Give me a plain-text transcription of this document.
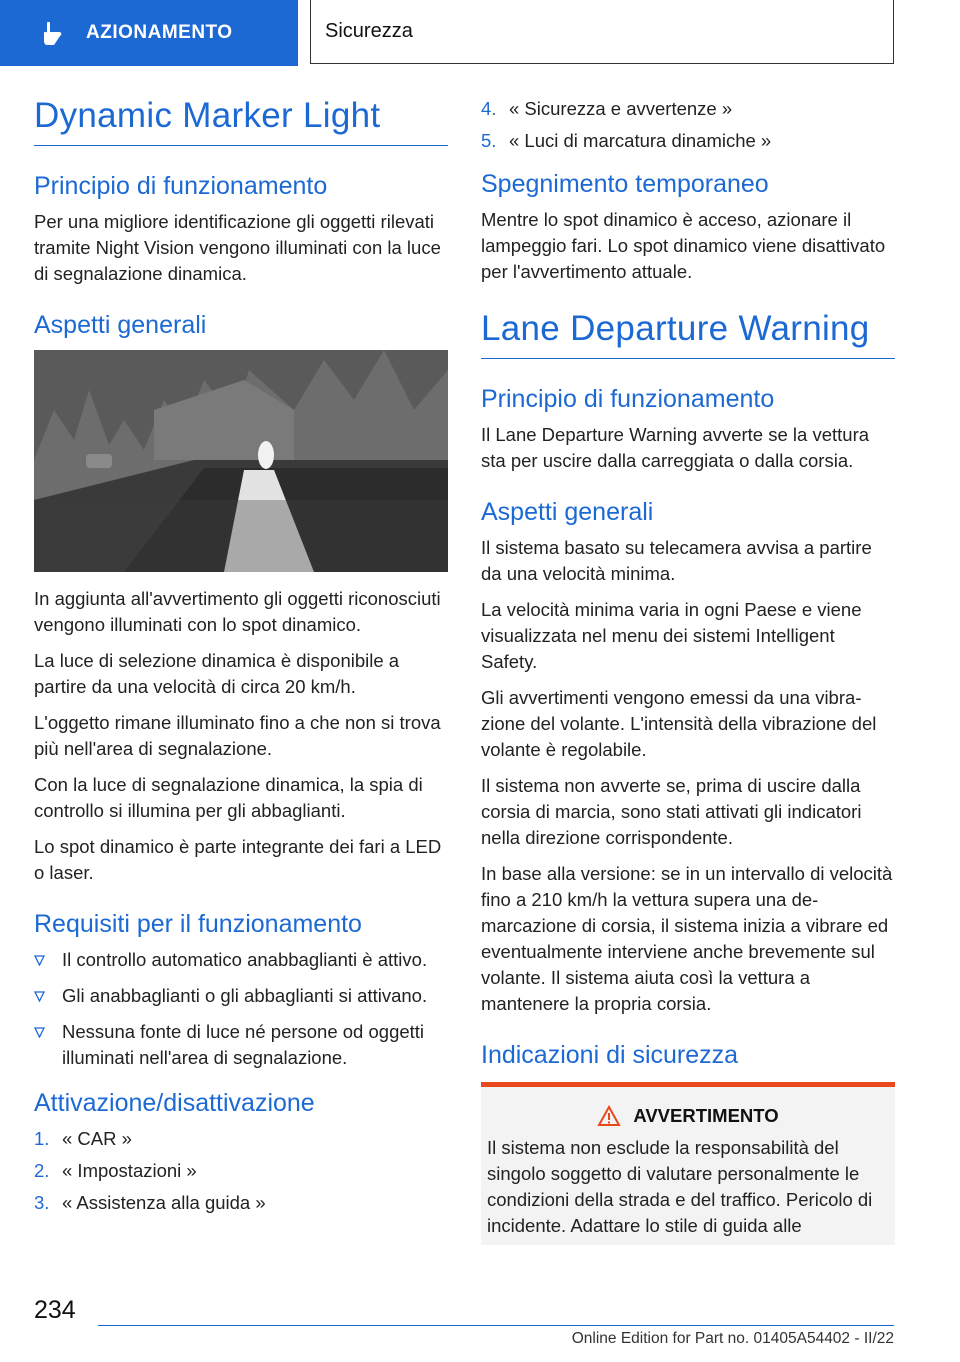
AZIONAMENTO	Sicurezza
Dynamic Marker Light
Principio di funzionamento

Per una migliore identificazione gli oggetti rilevati tramite Night Vision vengono illuminati con la luce di segnalazione dinamica.

Aspetti generali

In aggiunta all'avvertimento gli oggetti riconosciuti vengono illuminati con lo spot dinamico.

La luce di selezione dinamica è disponibile a partire da una velocità di circa 20 km/h.

L'oggetto rimane illuminato fino a che non si trova più nell'area di segnalazione.

Con la luce di segnalazione dinamica, la spia di controllo si illumina per gli abbaglianti.

Lo spot dinamico è parte integrante dei fari a LED o laser.

Requisiti per il funzionamento
Il controllo automatico anabbaglianti è attivo.
Gli anabbaglianti o gli abbaglianti si attivano.
Nessuna fonte di luce né persone od oggetti illuminati nell'area di segnalazione.
Attivazione/disattivazione
1. « CAR »
2. « Impostazioni »
3. « Assistenza alla guida »
4. « Sicurezza e avvertenze »
5. « Luci di marcatura dinamiche »
Spegnimento temporaneo

Mentre lo spot dinamico è acceso, azionare il lampeggio fari. Lo spot dinamico viene disattivato per l'avvertimento attuale.

Lane Departure Warning
Principio di funzionamento

Il Lane Departure Warning avverte se la vettura sta per uscire dalla carreggiata o dalla corsia.

Aspetti generali

Il sistema basato su telecamera avvisa a partire da una velocità minima.

La velocità minima varia in ogni Paese e viene visualizzata nel menu dei sistemi Intelligent Safety.

Gli avvertimenti vengono emessi da una vibrazione del volante. L'intensità della vibrazione del volante è regolabile.

Il sistema non avverte se, prima di uscire dalla corsia di marcia, sono stati attivati gli indicatori nella direzione corrispondente.

In base alla versione: se in un intervallo di velocità fino a 210 km/h la vettura supera una demarcazione di corsia, il sistema inizia a vibrare ed eventualmente interviene anche brevemente sul volante. Il sistema aiuta così la vettura a mantenere la propria corsia.

Indicazioni di sicurezza
AVVERTIMENTO

Il sistema non esclude la responsabilità del singolo soggetto di valutare personalmente le condizioni della strada e del traffico. Pericolo di incidente. Adattare lo stile di guida alle

234
Online Edition for Part no. 01405A54402 - II/22
